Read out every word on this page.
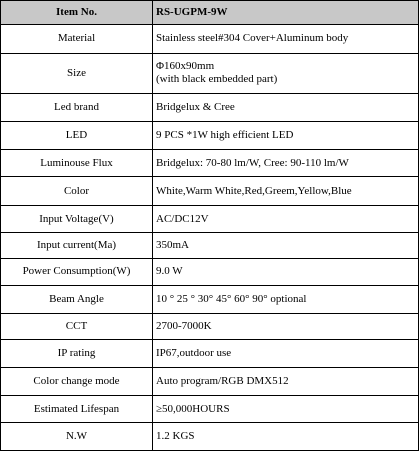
Item No.	RS-UGPM-9W
Material	Stainless steel#304 Cover+Aluminum body
Size	Φ160x90mm
(with black embedded part)

Led brand	Bridgelux & Cree
LED	9 PCS *1W high efficient LED
Luminouse Flux	Bridgelux: 70-80 lm/W, Cree: 90-110 lm/W
Color	White,Warm White,Red,Greem,Yellow,Blue
Input Voltage(V)	AC/DC12V
Input current(Ma)	350mA
Power Consumption(W)	9.0 W
Beam Angle	10 ° 25 ° 30° 45° 60° 90° optional
CCT	2700-7000K
IP rating	IP67,outdoor use
Color change mode	Auto program/RGB DMX512
Estimated Lifespan	≥50,000HOURS
N.W	1.2 KGS
